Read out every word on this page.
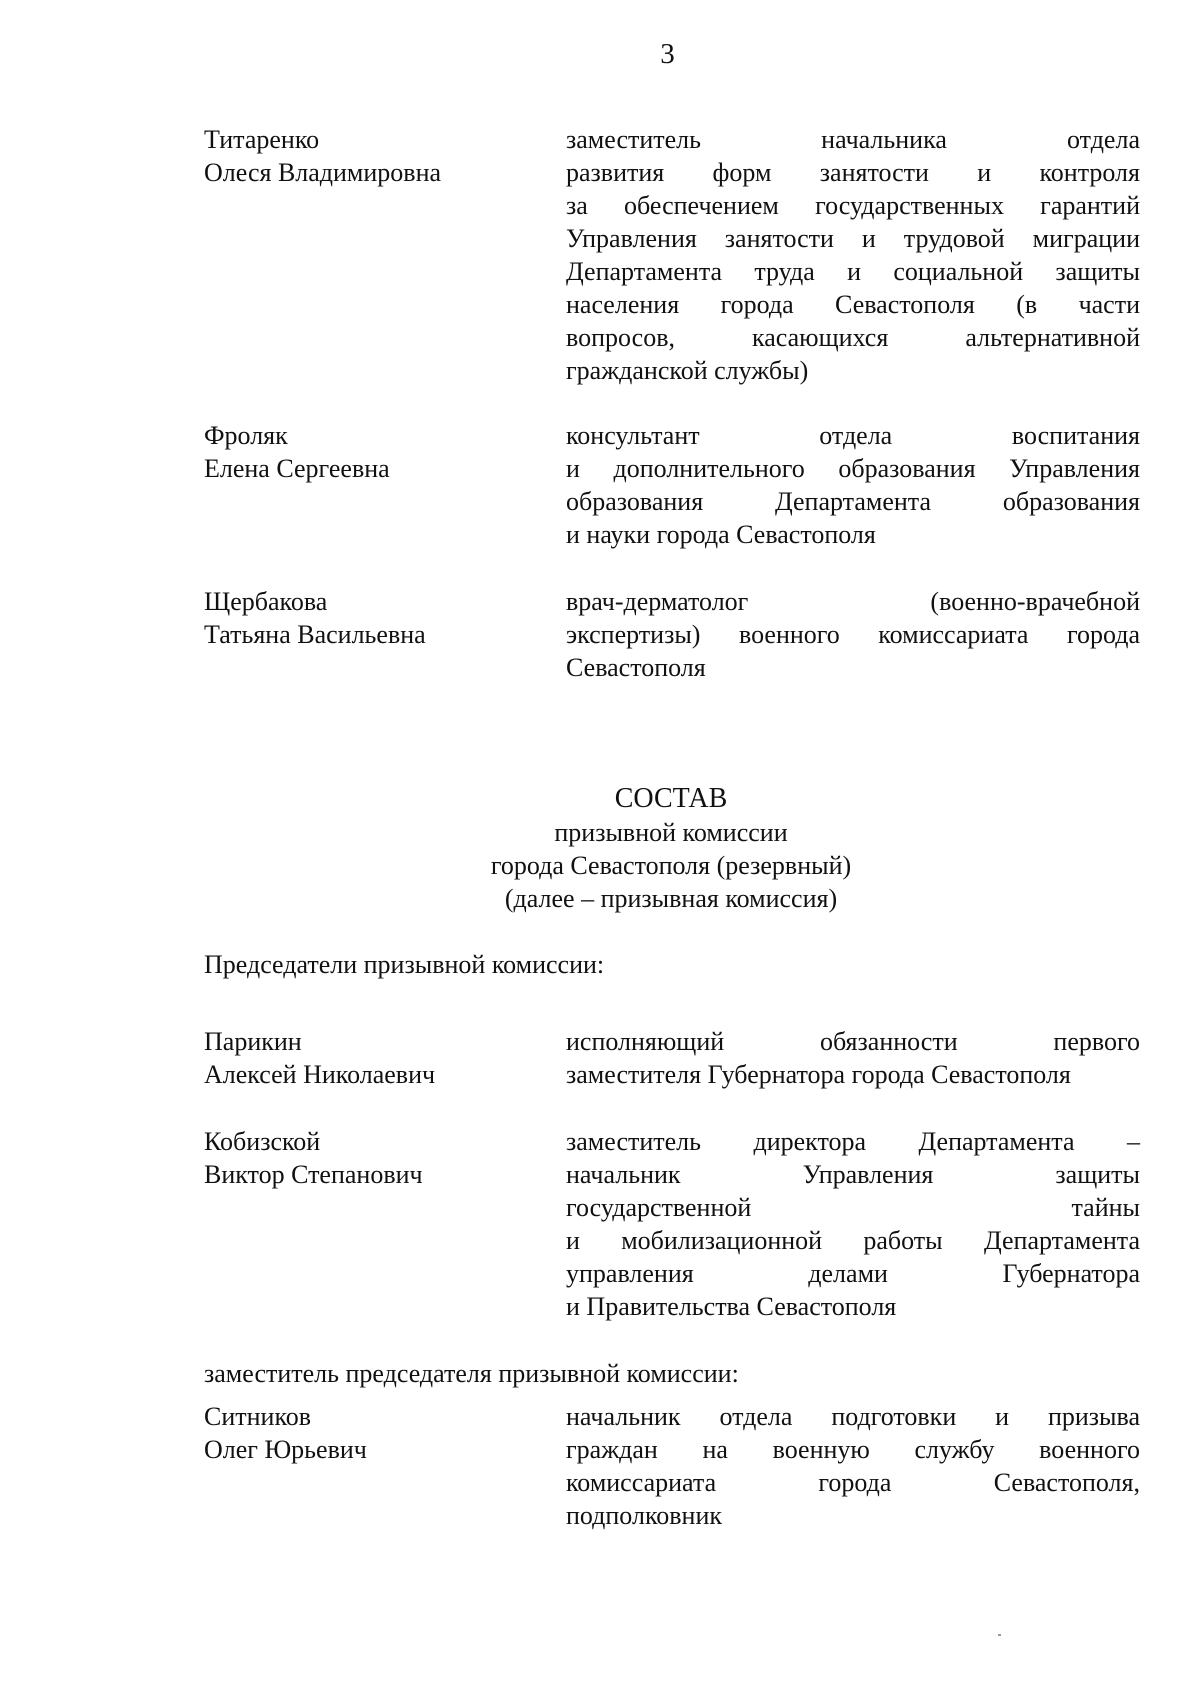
3
Титаренко
Олеся Владимировна
заместитель начальника отдела
развития форм занятости и контроля
за обеспечением государственных гарантий
Управления занятости и трудовой миграции
Департамента труда и социальной защиты
населения города Севастополя (в части
вопросов, касающихся альтернативной
гражданской службы)
Фроляк
Елена Сергеевна
консультант отдела воспитания
и дополнительного образования Управления
образования Департамента образования
и науки города Севастополя
Щербакова
Татьяна Васильевна
врач-дерматолог (военно-врачебной
экспертизы) военного комиссариата города
Севастополя
СОСТАВ
призывной комиссии
города Севастополя (резервный)
(далее – призывная комиссия)
Председатели призывной комиссии:
Парикин
Алексей Николаевич
исполняющий обязанности первого
заместителя Губернатора города Севастополя
Кобизской
Виктор Степанович
заместитель директора Департамента –
начальник Управления защиты
государственной тайны
и мобилизационной работы Департамента
управления делами Губернатора
и Правительства Севастополя
заместитель председателя призывной комиссии:
Ситников
Олег Юрьевич
начальник отдела подготовки и призыва
граждан на военную службу военного
комиссариата города Севастополя,
подполковник
